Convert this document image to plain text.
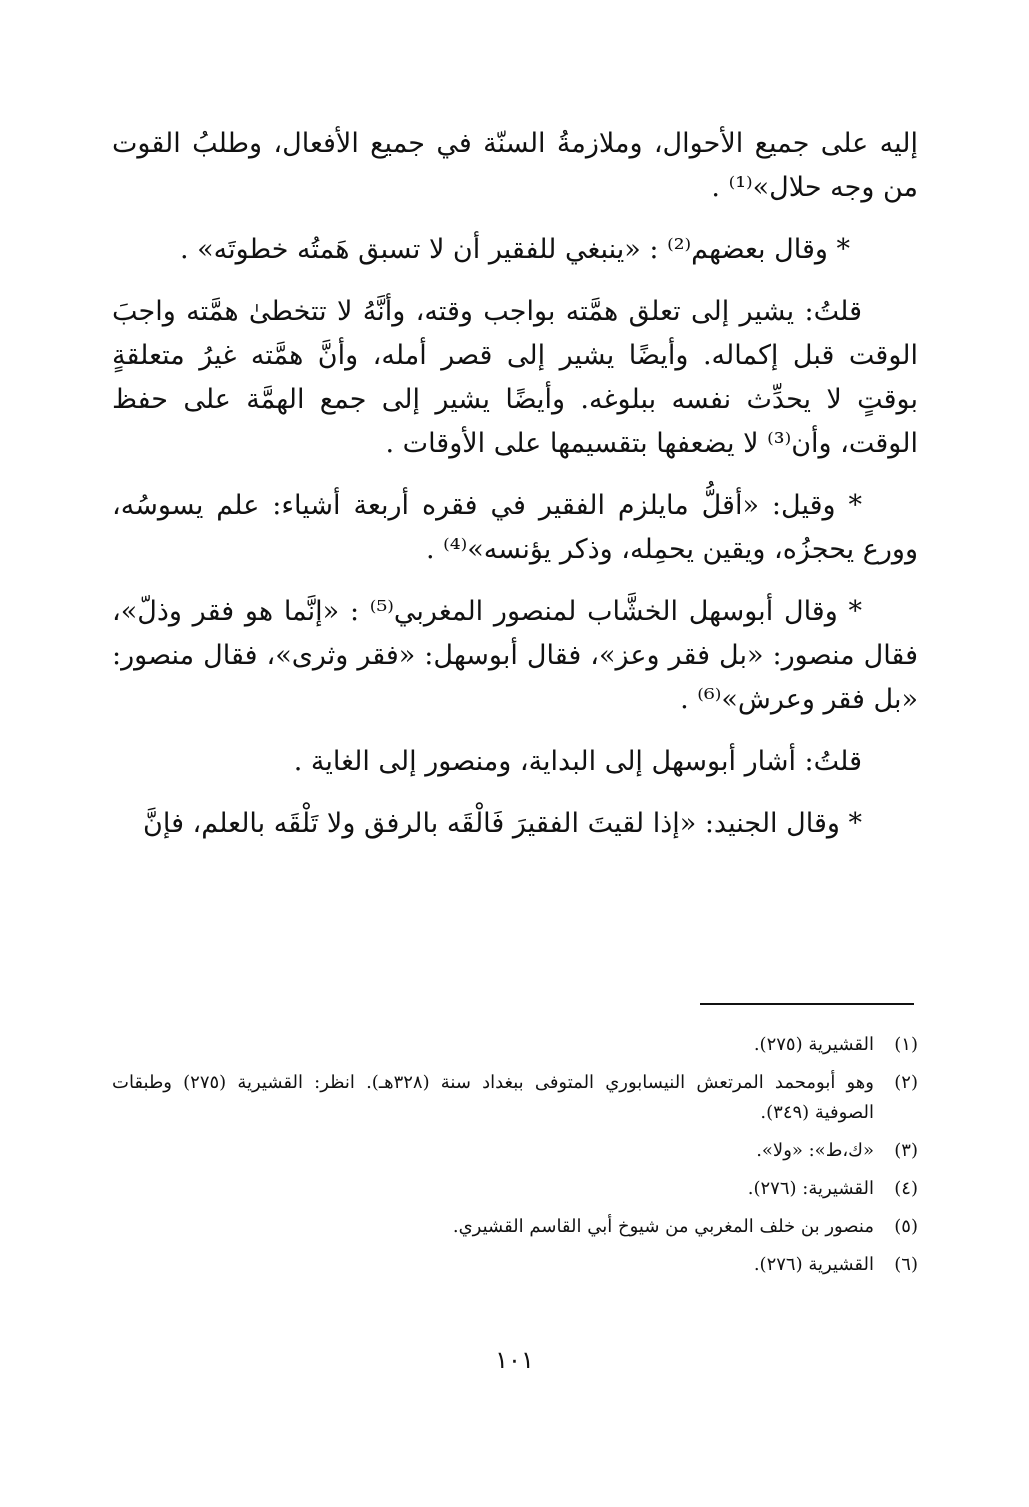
إليه على جميع الأحوال، وملازمةُ السنّة في جميع الأفعال، وطلبُ القوت من وجه حلال»⁽¹⁾ .

* وقال بعضهم⁽²⁾ : «ينبغي للفقير أن لا تسبق هَمتُه خطوتَه» .

قلتُ: يشير إلى تعلق همَّته بواجب وقته، وأنَّهُ لا تتخطىٰ همَّته واجبَ الوقت قبل إكماله. وأيضًا يشير إلى قصر أمله، وأنَّ همَّته غيرُ متعلقةٍ بوقتٍ لا يحدِّث نفسه ببلوغه. وأيضًا يشير إلى جمع الهمَّة على حفظ الوقت، وأن⁽³⁾ لا يضعفها بتقسيمها على الأوقات .

* وقيل: «أقلُّ مايلزم الفقير في فقره أربعة أشياء: علم يسوسُه، وورع يحجزُه، ويقين يحمِله، وذكر يؤنسه»⁽⁴⁾ .

* وقال أبوسهل الخشَّاب لمنصور المغربي⁽⁵⁾ : «إنَّما هو فقر وذلّ»، فقال منصور: «بل فقر وعز»، فقال أبوسهل: «فقر وثرى»، فقال منصور: «بل فقر وعرش»⁽⁶⁾ .

قلتُ: أشار أبوسهل إلى البداية، ومنصور إلى الغاية .

* وقال الجنيد: «إذا لقيتَ الفقيرَ فَالْقَه بالرفق ولا تَلْقَه بالعلم، فإنَّ

(١)
القشيرية (٢٧٥).
(٢)
وهو أبومحمد المرتعش النيسابوري المتوفى ببغداد سنة (٣٢٨هـ). انظر: القشيرية (٢٧٥) وطبقات الصوفية (٣٤٩).
(٣)
«ك،ط»: «ولا».
(٤)
القشيرية: (٢٧٦).
(٥)
منصور بن خلف المغربي من شيوخ أبي القاسم القشيري.
(٦)
القشيرية (٢٧٦).
١٠١
